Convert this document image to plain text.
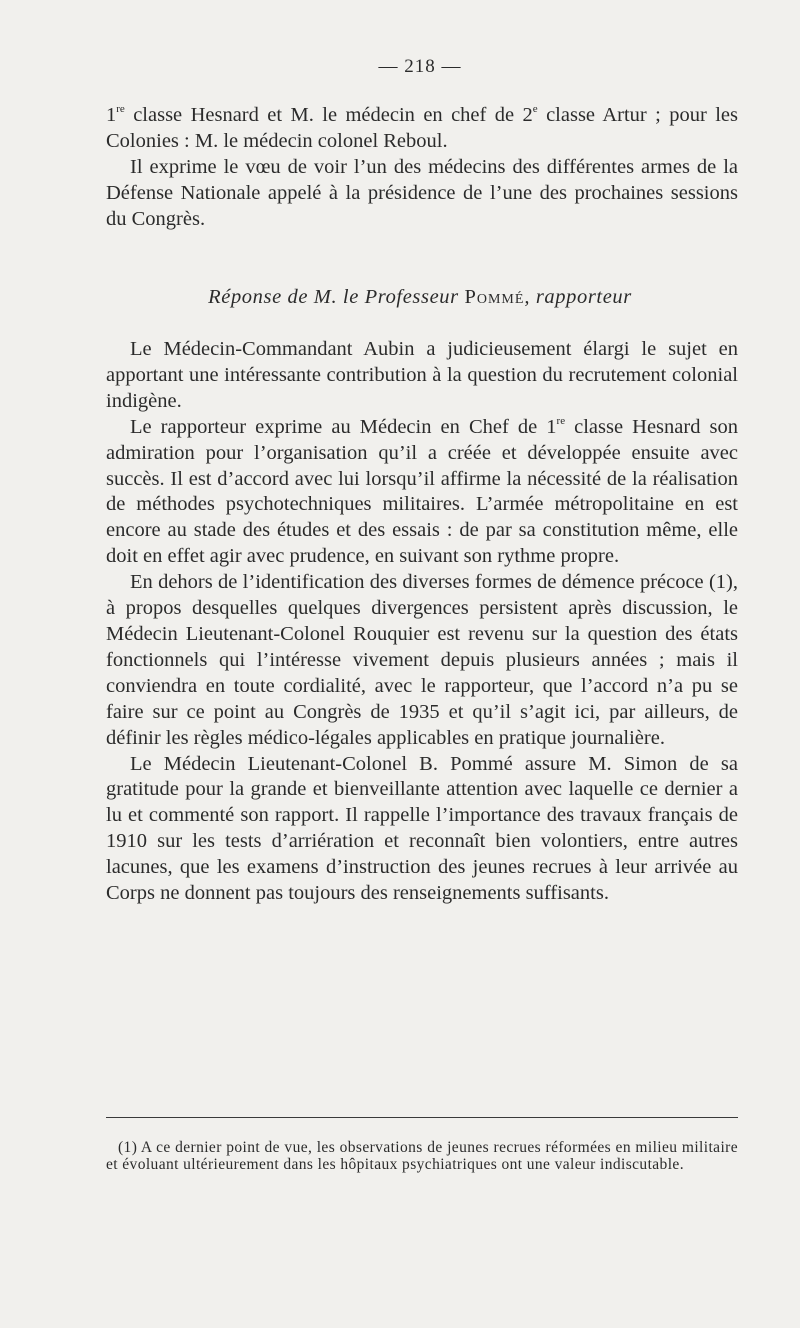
— 218 —

1re classe Hesnard et M. le médecin en chef de 2e classe Artur ; pour les Colonies : M. le médecin colonel Reboul.

Il exprime le vœu de voir l’un des médecins des différentes armes de la Défense Nationale appelé à la présidence de l’une des prochaines sessions du Congrès.

Réponse de M. le Professeur Pommé, rapporteur

Le Médecin-Commandant Aubin a judicieusement élargi le sujet en apportant une intéressante contribution à la question du recrutement colonial indigène.

Le rapporteur exprime au Médecin en Chef de 1re classe Hesnard son admiration pour l’organisation qu’il a créée et développée ensuite avec succès. Il est d’accord avec lui lorsqu’il affirme la nécessité de la réalisation de méthodes psychotechniques militaires. L’armée métropolitaine en est encore au stade des études et des essais : de par sa constitution même, elle doit en effet agir avec prudence, en suivant son rythme propre.

En dehors de l’identification des diverses formes de démence précoce (1), à propos desquelles quelques divergences persistent après discussion, le Médecin Lieutenant-Colonel Rouquier est revenu sur la question des états fonctionnels qui l’intéresse vivement depuis plusieurs années ; mais il conviendra en toute cordialité, avec le rapporteur, que l’accord n’a pu se faire sur ce point au Congrès de 1935 et qu’il s’agit ici, par ailleurs, de définir les règles médico-légales applicables en pratique journalière.

Le Médecin Lieutenant-Colonel B. Pommé assure M. Simon de sa gratitude pour la grande et bienveillante attention avec laquelle ce dernier a lu et commenté son rapport. Il rappelle l’importance des travaux français de 1910 sur les tests d’arriération et reconnaît bien volontiers, entre autres lacunes, que les examens d’instruction des jeunes recrues à leur arrivée au Corps ne donnent pas toujours des renseignements suffisants.

(1) A ce dernier point de vue, les observations de jeunes recrues réformées en milieu militaire et évoluant ultérieurement dans les hôpitaux psychiatriques ont une valeur indiscutable.
